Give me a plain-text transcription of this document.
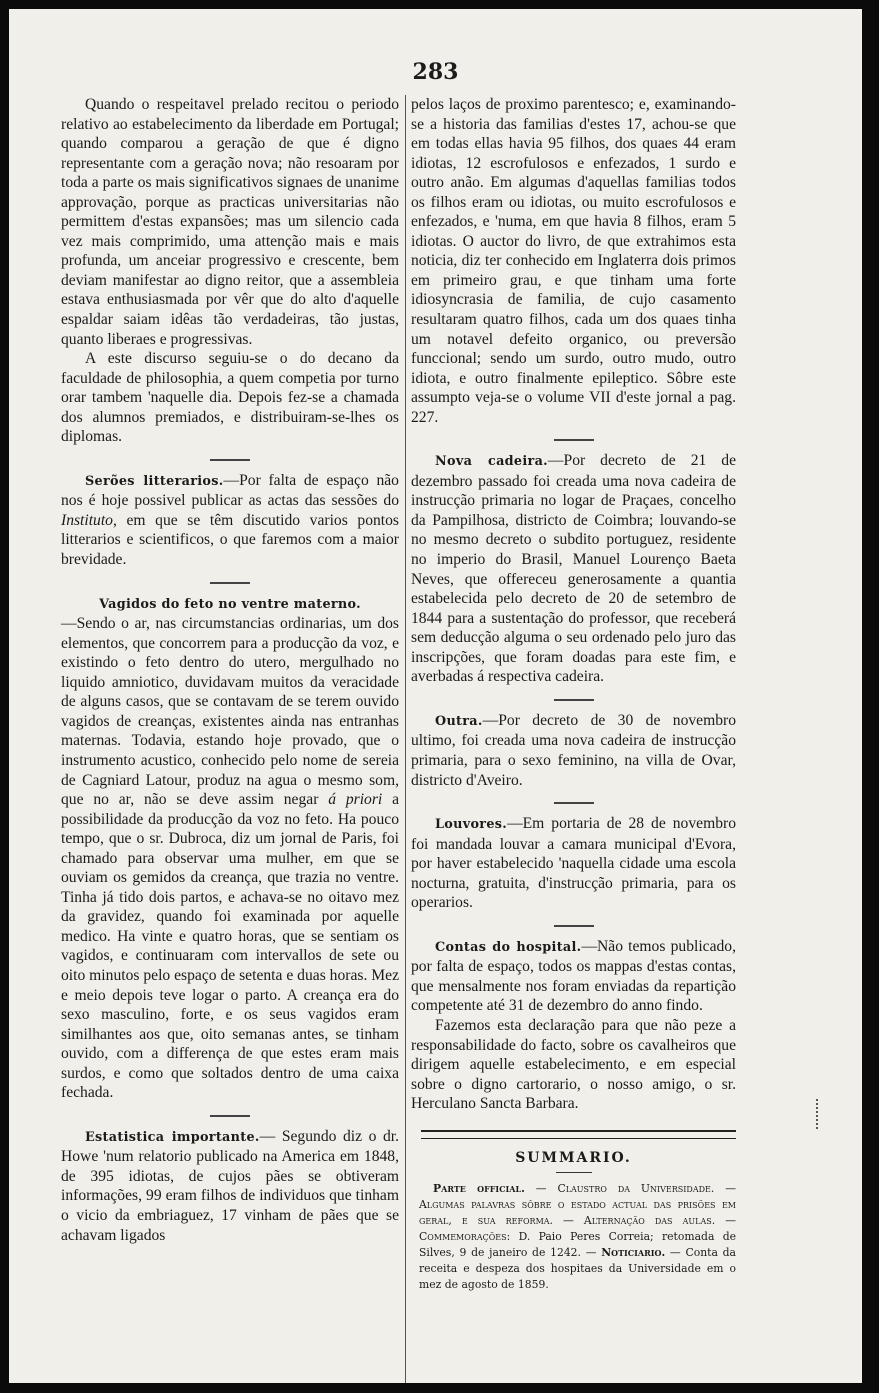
283

Quando o respeitavel prelado recitou o periodo relativo ao estabelecimento da liberdade em Portugal; quando comparou a geração de que é digno representante com a geração nova; não resoaram por toda a parte os mais significativos signaes de unanime approvação, porque as practicas universitarias não permittem d'estas expansões; mas um silencio cada vez mais comprimido, uma attenção mais e mais profunda, um anceiar progressivo e crescente, bem deviam manifestar ao digno reitor, que a assembleia estava enthusiasmada por vêr que do alto d'aquelle espaldar saiam idêas tão verdadeiras, tão justas, quanto liberaes e progressivas.

A este discurso seguiu-se o do decano da faculdade de philosophia, a quem competia por turno orar tambem 'naquelle dia. Depois fez-se a chamada dos alumnos premiados, e distribuiram-se-lhes os diplomas.

Serões litterarios.—Por falta de espaço não nos é hoje possivel publicar as actas das sessões do Instituto, em que se têm discutido varios pontos litterarios e scientificos, o que faremos com a maior brevidade.

Vagidos do feto no ventre materno.

—Sendo o ar, nas circumstancias ordinarias, um dos elementos, que concorrem para a producção da voz, e existindo o feto dentro do utero, mergulhado no liquido amniotico, duvidavam muitos da veracidade de alguns casos, que se contavam de se terem ouvido vagidos de creanças, existentes ainda nas entranhas maternas. Todavia, estando hoje provado, que o instrumento acustico, conhecido pelo nome de sereia de Cagniard Latour, produz na agua o mesmo som, que no ar, não se deve assim negar á priori a possibilidade da producção da voz no feto. Ha pouco tempo, que o sr. Dubroca, diz um jornal de Paris, foi chamado para observar uma mulher, em que se ouviam os gemidos da creança, que trazia no ventre. Tinha já tido dois partos, e achava-se no oitavo mez da gravidez, quando foi examinada por aquelle medico. Ha vinte e quatro horas, que se sentiam os vagidos, e continuaram com intervallos de sete ou oito minutos pelo espaço de setenta e duas horas. Mez e meio depois teve logar o parto. A creança era do sexo masculino, forte, e os seus vagidos eram similhantes aos que, oito semanas antes, se tinham ouvido, com a differença de que estes eram mais surdos, e como que soltados dentro de uma caixa fechada.

Estatistica importante.— Segundo diz o dr. Howe 'num relatorio publicado na America em 1848, de 395 idiotas, de cujos pães se obtiveram informações, 99 eram filhos de individuos que tinham o vicio da embriaguez, 17 vinham de pães que se achavam ligados

pelos laços de proximo parentesco; e, examinando-se a historia das familias d'estes 17, achou-se que em todas ellas havia 95 filhos, dos quaes 44 eram idiotas, 12 escrofulosos e enfezados, 1 surdo e outro anão. Em algumas d'aquellas familias todos os filhos eram ou idiotas, ou muito escrofulosos e enfezados, e 'numa, em que havia 8 filhos, eram 5 idiotas. O auctor do livro, de que extrahimos esta noticia, diz ter conhecido em Inglaterra dois primos em primeiro grau, e que tinham uma forte idiosyncrasia de familia, de cujo casamento resultaram quatro filhos, cada um dos quaes tinha um notavel defeito organico, ou preversão funccional; sendo um surdo, outro mudo, outro idiota, e outro finalmente epileptico. Sôbre este assumpto veja-se o volume VII d'este jornal a pag. 227.

Nova cadeira.—Por decreto de 21 de dezembro passado foi creada uma nova cadeira de instrucção primaria no logar de Praçaes, concelho da Pampilhosa, districto de Coimbra; louvando-se no mesmo decreto o subdito portuguez, residente no imperio do Brasil, Manuel Lourenço Baeta Neves, que offereceu generosamente a quantia estabelecida pelo decreto de 20 de setembro de 1844 para a sustentação do professor, que receberá sem deducção alguma o seu ordenado pelo juro das inscripções, que foram doadas para este fim, e averbadas á respectiva cadeira.

Outra.—Por decreto de 30 de novembro ultimo, foi creada uma nova cadeira de instrucção primaria, para o sexo feminino, na villa de Ovar, districto d'Aveiro.

Louvores.—Em portaria de 28 de novembro foi mandada louvar a camara municipal d'Evora, por haver estabelecido 'naquella cidade uma escola nocturna, gratuita, d'instrucção primaria, para os operarios.

Contas do hospital.—Não temos publicado, por falta de espaço, todos os mappas d'estas contas, que mensalmente nos foram enviadas da repartição competente até 31 de dezembro do anno findo.

Fazemos esta declaração para que não peze a responsabilidade do facto, sobre os cavalheiros que dirigem aquelle estabelecimento, e em especial sobre o digno cartorario, o nosso amigo, o sr. Herculano Sancta Barbara.

SUMMARIO.
Parte official. — Claustro da Universidade. — Algumas palavras sôbre o estado actual das prisões em geral, e sua reforma. — Alternação das aulas. — Commemorações: D. Paio Peres Correia; retomada de Silves, 9 de janeiro de 1242. — Noticiario. — Conta da receita e despeza dos hospitaes da Universidade em o mez de agosto de 1859.
